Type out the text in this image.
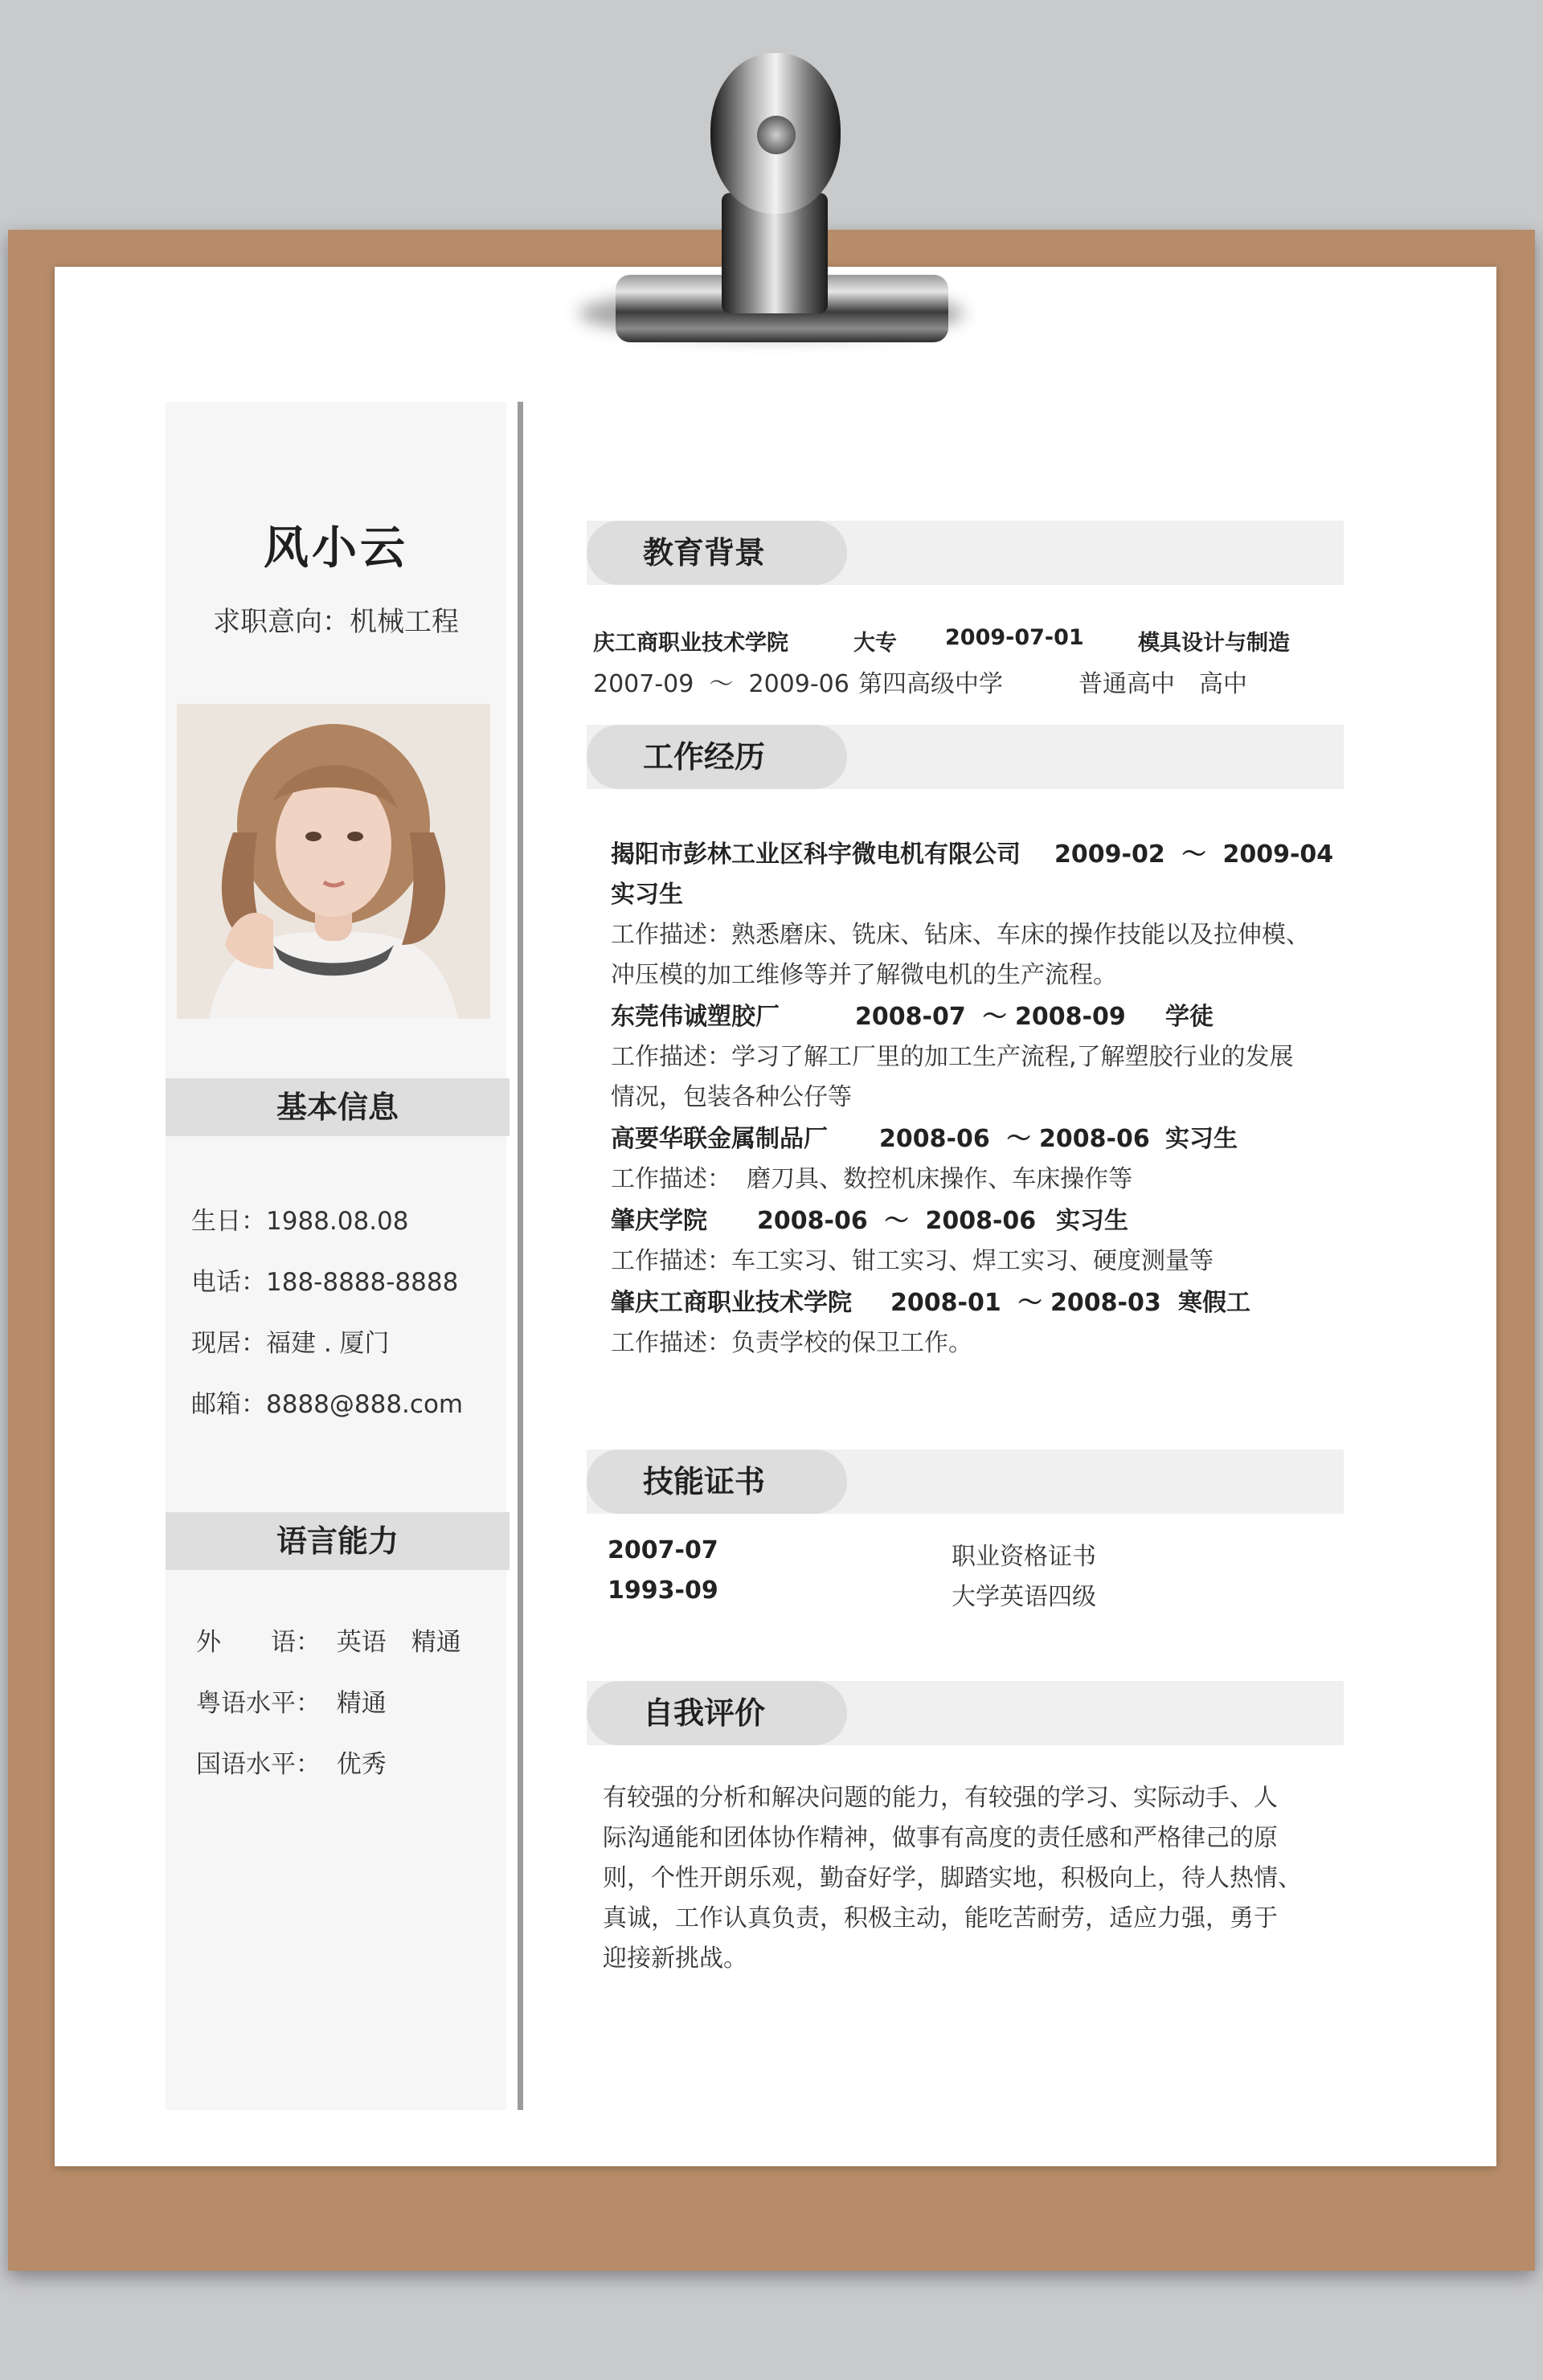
风小云
求职意向：机械工程
基本信息
生日：1988.08.08
电话：188-8888-8888
现居：福建 . 厦门
邮箱：8888@888.com
语言能力
外　　语：  英语　精通
粤语水平：  精通
国语水平：  优秀
教育背景
庆工商职业技术学院	大专 2009-07-01 模具设计与制造
2007-09  ～  2009-06 第四高级中学	普通高中　高中
工作经历
揭阳市彭林工业区科宇微电机有限公司 2009-02  ～  2009-04
实习生
工作描述：熟悉磨床、铣床、钻床、车床的操作技能以及拉伸模、
冲压模的加工维修等并了解微电机的生产流程。
东莞伟诚塑胶厂	2008-07  ～ 2008-09 学徒
工作描述：学习了解工厂里的加工生产流程,了解塑胶行业的发展
情况，包装各种公仔等
高要华联金属制品厂 2008-06  ～ 2008-06 实习生
工作描述：  磨刀具、数控机床操作、车床操作等
肇庆学院 2008-06  ～  2008-06 实习生
工作描述：车工实习、钳工实习、焊工实习、硬度测量等
肇庆工商职业技术学院 2008-01  ～ 2008-03 寒假工
工作描述：负责学校的保卫工作。
技能证书
2007-07	职业资格证书
1993-09	大学英语四级
自我评价
有较强的分析和解决问题的能力，有较强的学习、实际动手、人
际沟通能和团体协作精神，做事有高度的责任感和严格律己的原
则，个性开朗乐观，勤奋好学，脚踏实地，积极向上，待人热情、
真诚，工作认真负责，积极主动，能吃苦耐劳，适应力强，勇于
迎接新挑战。
